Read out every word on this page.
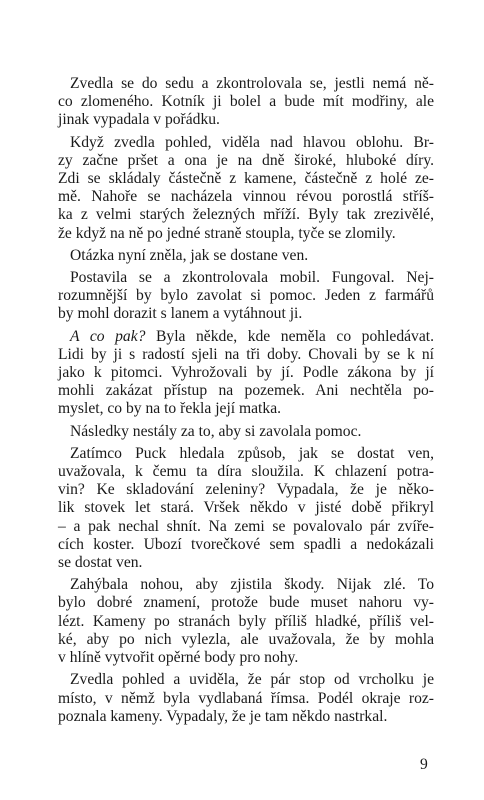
Zvedla se do sedu a zkontrolovala se, jestli nemá ně-
co zlomeného. Kotník ji bolel a bude mít modřiny, ale
jinak vypadala v pořádku.

Když zvedla pohled, viděla nad hlavou oblohu. Br-
zy začne pršet a ona je na dně široké, hluboké díry.
Zdi se skládaly částečně z kamene, částečně z holé ze-
mě. Nahoře se nacházela vinnou révou porostlá stříš-
ka z velmi starých železných mříží. Byly tak zrezivělé,
že když na ně po jedné straně stoupla, tyče se zlomily.

Otázka nyní zněla, jak se dostane ven.

Postavila se a zkontrolovala mobil. Fungoval. Nej-
rozumnější by bylo zavolat si pomoc. Jeden z farmářů
by mohl dorazit s lanem a vytáhnout ji.

A co pak? Byla někde, kde neměla co pohledávat.
Lidi by ji s radostí sjeli na tři doby. Chovali by se k ní
jako k pitomci. Vyhrožovali by jí. Podle zákona by jí
mohli zakázat přístup na pozemek. Ani nechtěla po-
myslet, co by na to řekla její matka.

Následky nestály za to, aby si zavolala pomoc.

Zatímco Puck hledala způsob, jak se dostat ven,
uvažovala, k čemu ta díra sloužila. K chlazení potra-
vin? Ke skladování zeleniny? Vypadala, že je něko-
lik stovek let stará. Vršek někdo v jisté době přikryl
– a pak nechal shnít. Na zemi se povalovalo pár zvíře-
cích koster. Ubozí tvorečkové sem spadli a nedokázali
se dostat ven.

Zahýbala nohou, aby zjistila škody. Nijak zlé. To
bylo dobré znamení, protože bude muset nahoru vy-
lézt. Kameny po stranách byly příliš hladké, příliš vel-
ké, aby po nich vylezla, ale uvažovala, že by mohla
v hlíně vytvořit opěrné body pro nohy.

Zvedla pohled a uviděla, že pár stop od vrcholku je
místo, v němž byla vydlabaná římsa. Podél okraje roz-
poznala kameny. Vypadaly, že je tam někdo nastrkal.

9
